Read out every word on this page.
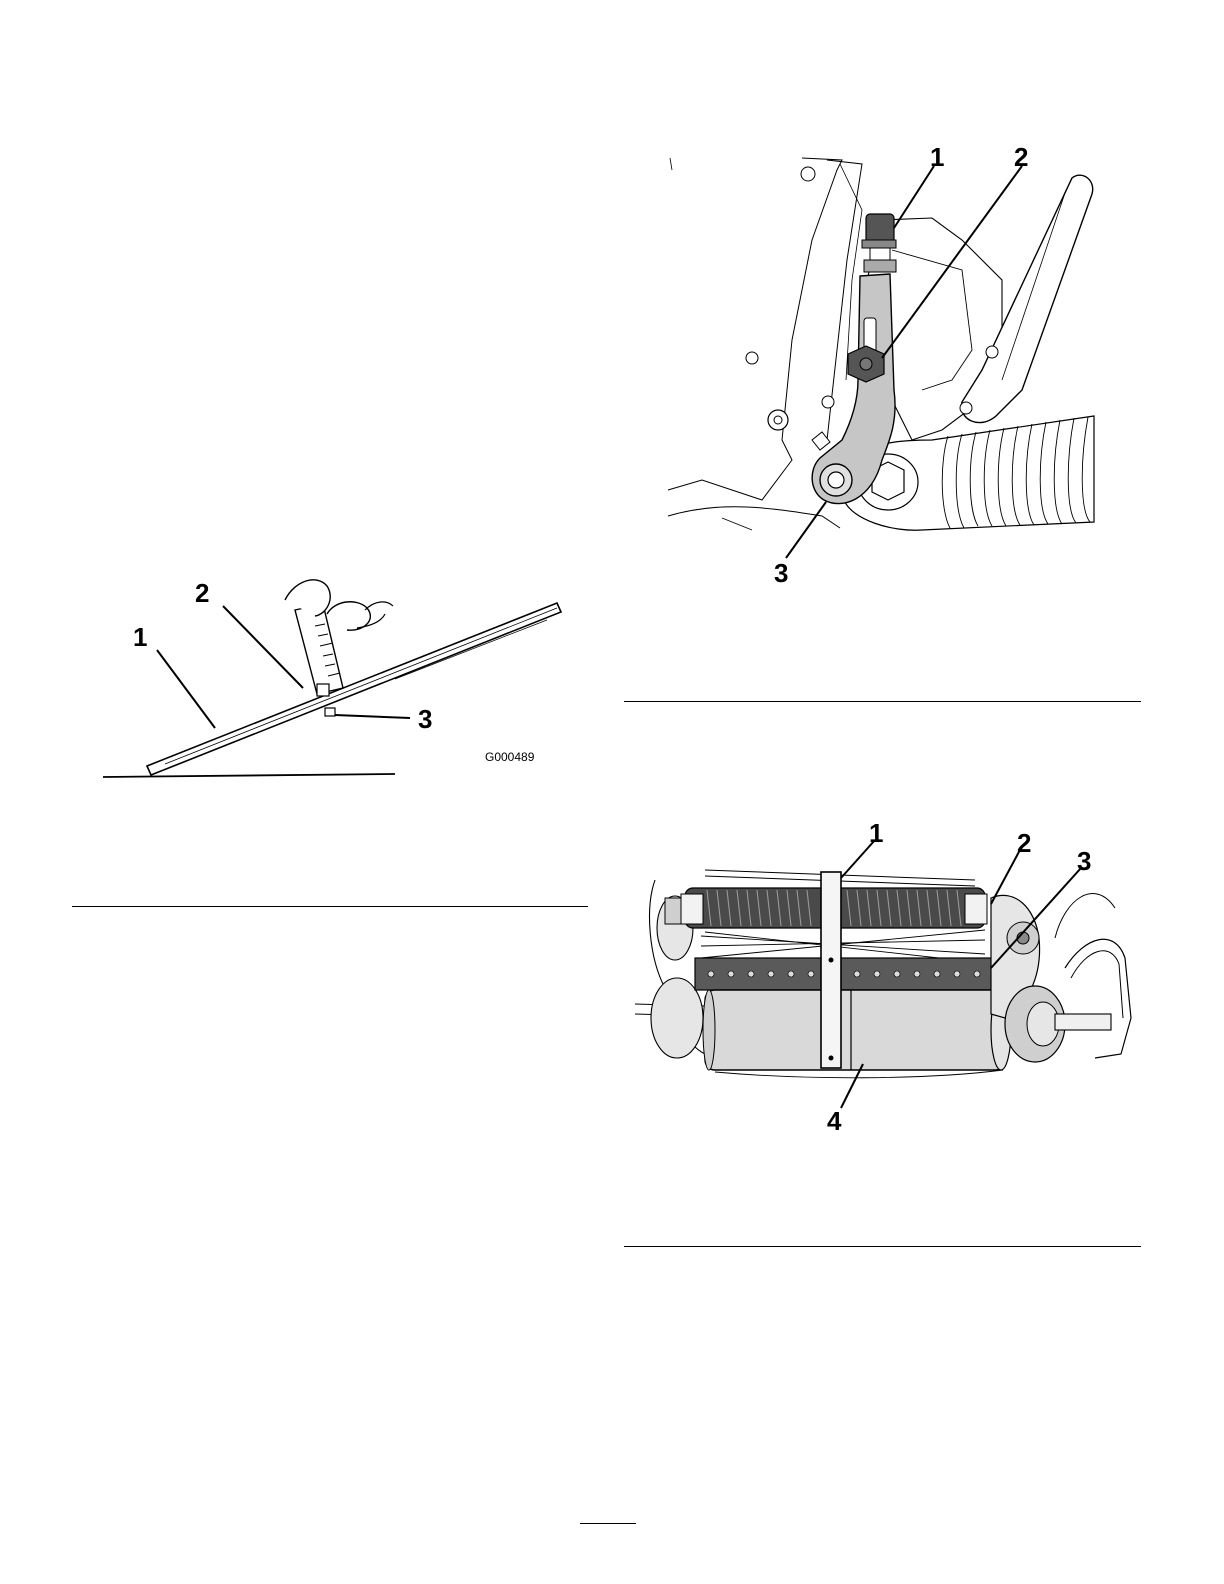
1
2
3
G000489
1	2
3
1	2
3
4
